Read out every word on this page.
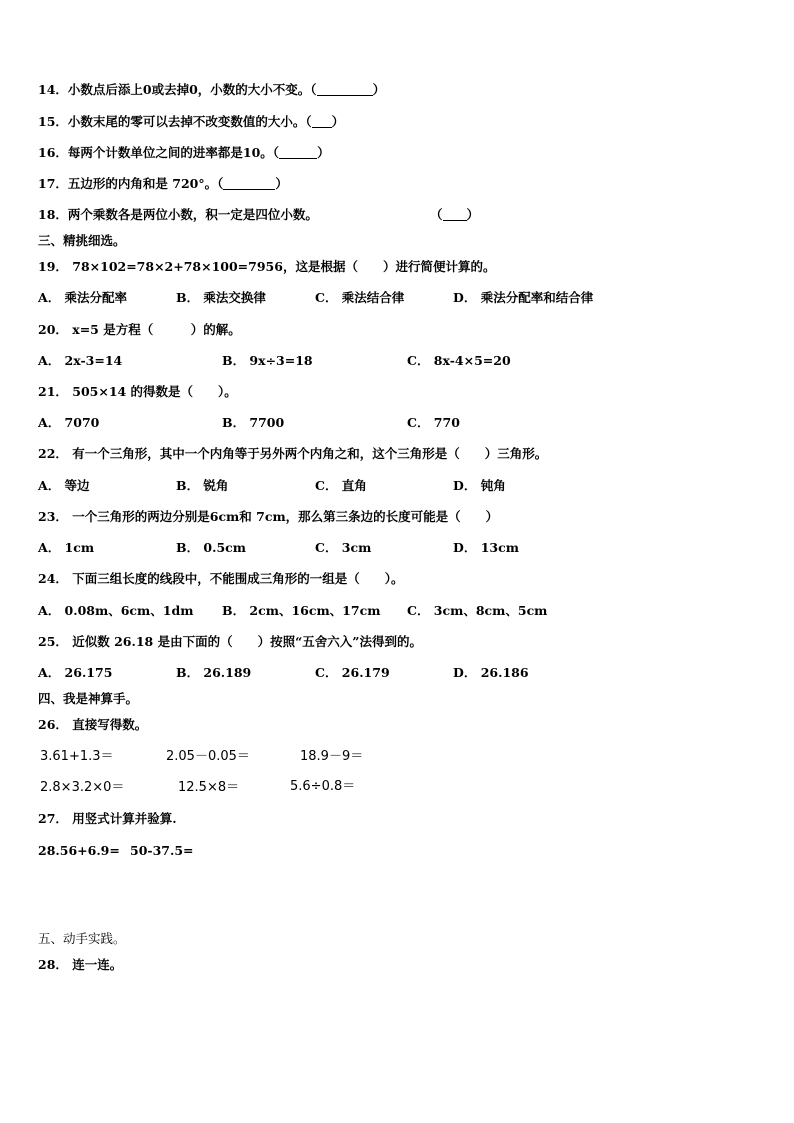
14．小数点后添上0或去掉0，小数的大小不变。（	）
15．小数末尾的零可以去掉不改变数值的大小。（ ）
16．每两个计数单位之间的进率都是10。（	）
17．五边形的内角和是 720°。（	）
18．两个乘数各是两位小数，积一定是四位小数。	（ ）
三、精挑细选。
19． 78×102=78×2+78×100=7956，这是根据（　　）进行简便计算的。
A． 乘法分配率	B． 乘法交换律	C． 乘法结合律	D． 乘法分配率和结合律
20． x=5 是方程（　　　）的解。
A． 2x-3=14	B． 9x÷3=18	C． 8x-4×5=20
21． 505×14 的得数是（　　）。
A． 7070	B． 7700	C． 770
22． 有一个三角形，其中一个内角等于另外两个内角之和，这个三角形是（　　）三角形。
A． 等边	B． 锐角	C． 直角	D． 钝角
23． 一个三角形的两边分别是6cm和 7cm，那么第三条边的长度可能是（　　）
A． 1cm	B． 0.5cm	C． 3cm	D． 13cm
24． 下面三组长度的线段中，不能围成三角形的一组是（　　）。
A． 0.08m、6cm、1dm B． 2cm、16cm、17cm C． 3cm、8cm、5cm
25． 近似数 26.18 是由下面的（　　）按照“五舍六入”法得到的。
A． 26.175	B． 26.189	C． 26.179	D． 26.186
四、我是神算手。
26． 直接写得数。
3.61+1.3＝	2.05－0.05＝	18.9－9＝
2.8×3.2×0＝	12.5×8＝	5.6÷0.8＝
27． 用竖式计算并验算.
28.56+6.9= 50-37.5=
五、动手实践。
28． 连一连。
